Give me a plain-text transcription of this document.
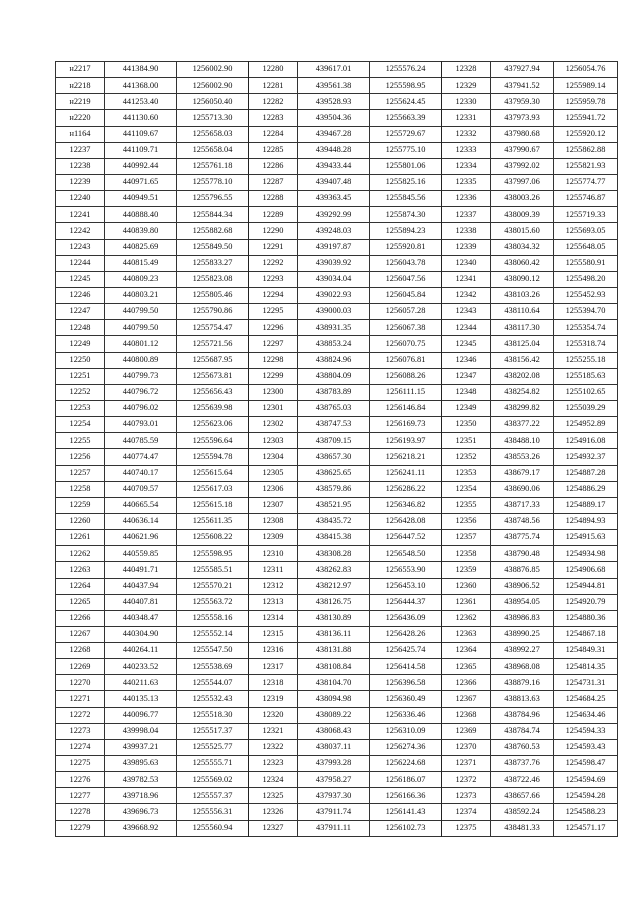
н2217	441384.90	1256002.90	12280	439617.01	1255576.24	12328	437927.94	1256054.76
н2218	441368.00	1256002.90	12281	439561.38	1255598.95	12329	437941.52	1255989.14
н2219	441253.40	1256050.40	12282	439528.93	1255624.45	12330	437959.30	1255959.78
н2220	441130.60	1255713.30	12283	439504.36	1255663.39	12331	437973.93	1255941.72
н1164	441109.67	1255658.03	12284	439467.28	1255729.67	12332	437980.68	1255920.12
12237	441109.71	1255658.04	12285	439448.28	1255775.10	12333	437990.67	1255862.88
12238	440992.44	1255761.18	12286	439433.44	1255801.06	12334	437992.02	1255821.93
12239	440971.65	1255778.10	12287	439407.48	1255825.16	12335	437997.06	1255774.77
12240	440949.51	1255796.55	12288	439363.45	1255845.56	12336	438003.26	1255746.87
12241	440888.40	1255844.34	12289	439292.99	1255874.30	12337	438009.39	1255719.33
12242	440839.80	1255882.68	12290	439248.03	1255894.23	12338	438015.60	1255693.05
12243	440825.69	1255849.50	12291	439197.87	1255920.81	12339	438034.32	1255648.05
12244	440815.49	1255833.27	12292	439039.92	1256043.78	12340	438060.42	1255580.91
12245	440809.23	1255823.08	12293	439034.04	1256047.56	12341	438090.12	1255498.20
12246	440803.21	1255805.46	12294	439022.93	1256045.84	12342	438103.26	1255452.93
12247	440799.50	1255790.86	12295	439000.03	1256057.28	12343	438110.64	1255394.70
12248	440799.50	1255754.47	12296	438931.35	1256067.38	12344	438117.30	1255354.74
12249	440801.12	1255721.56	12297	438853.24	1256070.75	12345	438125.04	1255318.74
12250	440800.89	1255687.95	12298	438824.96	1256076.81	12346	438156.42	1255255.18
12251	440799.73	1255673.81	12299	438804.09	1256088.26	12347	438202.08	1255185.63
12252	440796.72	1255656.43	12300	438783.89	1256111.15	12348	438254.82	1255102.65
12253	440796.02	1255639.98	12301	438765.03	1256146.84	12349	438299.82	1255039.29
12254	440793.01	1255623.06	12302	438747.53	1256169.73	12350	438377.22	1254952.89
12255	440785.59	1255596.64	12303	438709.15	1256193.97	12351	438488.10	1254916.08
12256	440774.47	1255594.78	12304	438657.30	1256218.21	12352	438553.26	1254932.37
12257	440740.17	1255615.64	12305	438625.65	1256241.11	12353	438679.17	1254887.28
12258	440709.57	1255617.03	12306	438579.86	1256286.22	12354	438690.06	1254886.29
12259	440665.54	1255615.18	12307	438521.95	1256346.82	12355	438717.33	1254889.17
12260	440636.14	1255611.35	12308	438435.72	1256428.08	12356	438748.56	1254894.93
12261	440621.96	1255608.22	12309	438415.38	1256447.52	12357	438775.74	1254915.63
12262	440559.85	1255598.95	12310	438308.28	1256548.50	12358	438790.48	1254934.98
12263	440491.71	1255585.51	12311	438262.83	1256553.90	12359	438876.85	1254906.68
12264	440437.94	1255570.21	12312	438212.97	1256453.10	12360	438906.52	1254944.81
12265	440407.81	1255563.72	12313	438126.75	1256444.37	12361	438954.05	1254920.79
12266	440348.47	1255558.16	12314	438130.89	1256436.09	12362	438986.83	1254880.36
12267	440304.90	1255552.14	12315	438136.11	1256428.26	12363	438990.25	1254867.18
12268	440264.11	1255547.50	12316	438131.88	1256425.74	12364	438992.27	1254849.31
12269	440233.52	1255538.69	12317	438108.84	1256414.58	12365	438968.08	1254814.35
12270	440211.63	1255544.07	12318	438104.70	1256396.58	12366	438879.16	1254731.31
12271	440135.13	1255532.43	12319	438094.98	1256360.49	12367	438813.63	1254684.25
12272	440096.77	1255518.30	12320	438089.22	1256336.46	12368	438784.96	1254634.46
12273	439998.04	1255517.37	12321	438068.43	1256310.09	12369	438784.74	1254594.33
12274	439937.21	1255525.77	12322	438037.11	1256274.36	12370	438760.53	1254593.43
12275	439895.63	1255555.71	12323	437993.28	1256224.68	12371	438737.76	1254598.47
12276	439782.53	1255569.02	12324	437958.27	1256186.07	12372	438722.46	1254594.69
12277	439718.96	1255557.37	12325	437937.30	1256166.36	12373	438657.66	1254594.28
12278	439696.73	1255556.31	12326	437911.74	1256141.43	12374	438592.24	1254588.23
12279	439668.92	1255560.94	12327	437911.11	1256102.73	12375	438481.33	1254571.17
